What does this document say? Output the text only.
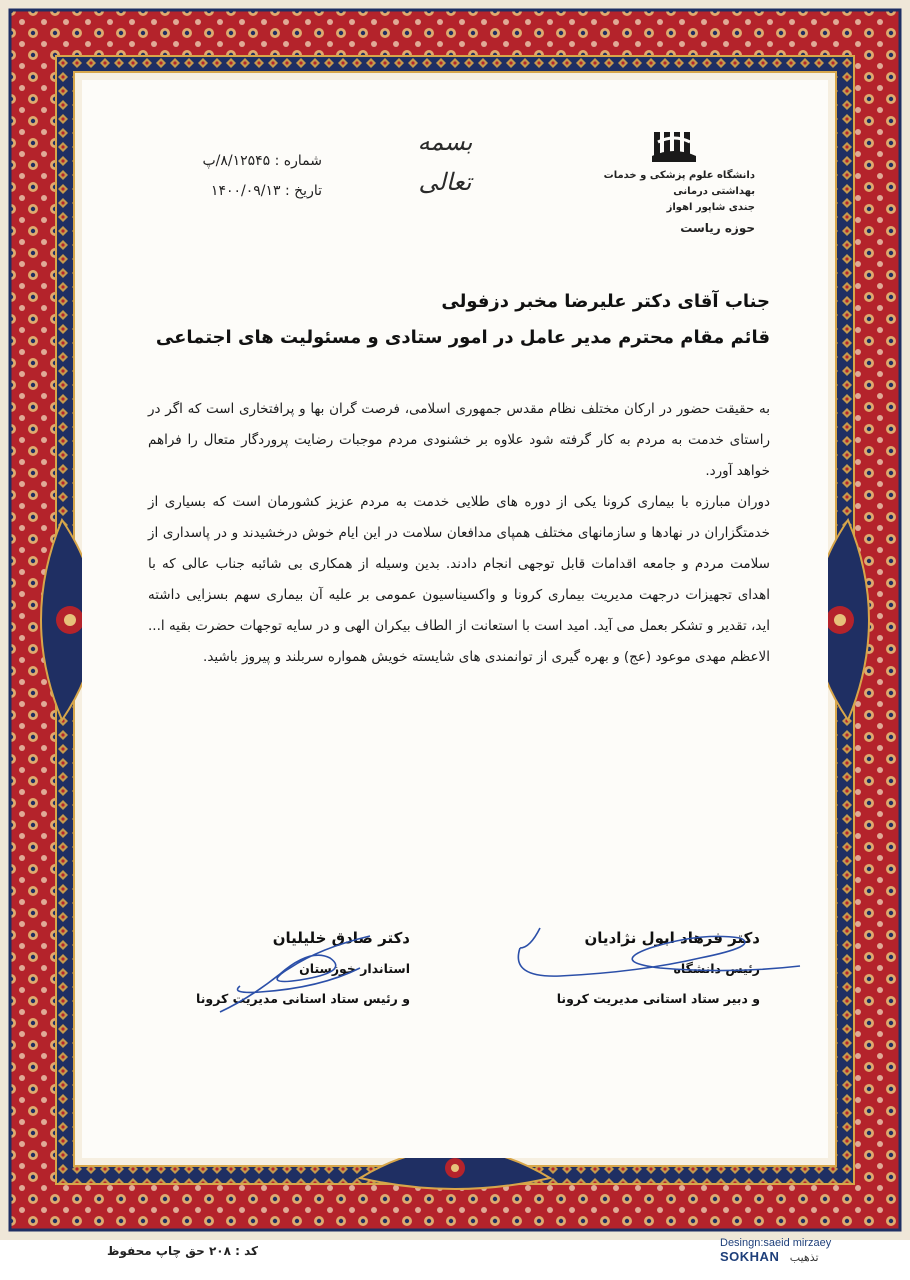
بسمه تعالی	دانشگاه علوم پزشکی و خدمات بهداشتی درمانی
جندی شاپور اهواز
حوزه ریاست
شماره : ۸/۱۲۵۴۵/پ
تاریخ : ۱۴۰۰/۰۹/۱۳
جناب آقای دکتر علیرضا مخبر دزفولی
قائم مقام محترم مدیر عامل در امور ستادی و مسئولیت های اجتماعی

به حقیقت حضور در ارکان مختلف نظام مقدس جمهوری اسلامی، فرصت گران بها و پرافتخاری است که اگر در راستای خدمت به مردم به کار گرفته شود علاوه بر خشنودی مردم موجبات رضایت پروردگار متعال را فراهم خواهد آورد.

دوران مبارزه با بیماری کرونا یکی از دوره های طلایی خدمت به مردم عزیز کشورمان است که بسیاری از خدمتگزاران در نهادها و سازمانهای مختلف همپای مدافعان سلامت در این ایام خوش درخشیدند و در پاسداری از سلامت مردم و جامعه اقدامات قابل توجهی انجام دادند. بدین وسیله از همکاری بی شائبه جناب عالی که با اهدای تجهیزات درجهت مدیریت بیماری کرونا و واکسیناسیون عمومی بر علیه آن بیماری سهم بسزایی داشته اید، تقدیر و تشکر بعمل می آید. امید است با استعانت از الطاف بیکران الهی و در سایه توجهات حضرت بقیه ا... الاعظم مهدی موعود (عج) و بهره گیری از توانمندی های شایسته خویش همواره سربلند و پیروز باشید.

دکتر فرهاد ابول نژادیان
رئیس دانشگاه
و دبیر ستاد استانی مدیریت کرونا
دکتر صادق خلیلیان
استاندار خوزستان
و رئیس ستاد استانی مدیریت کرونا
کد : ۲۰۸ حق چاپ محفوظ
Desingn:saeid mirzaey
SOKHAN تذهیب
